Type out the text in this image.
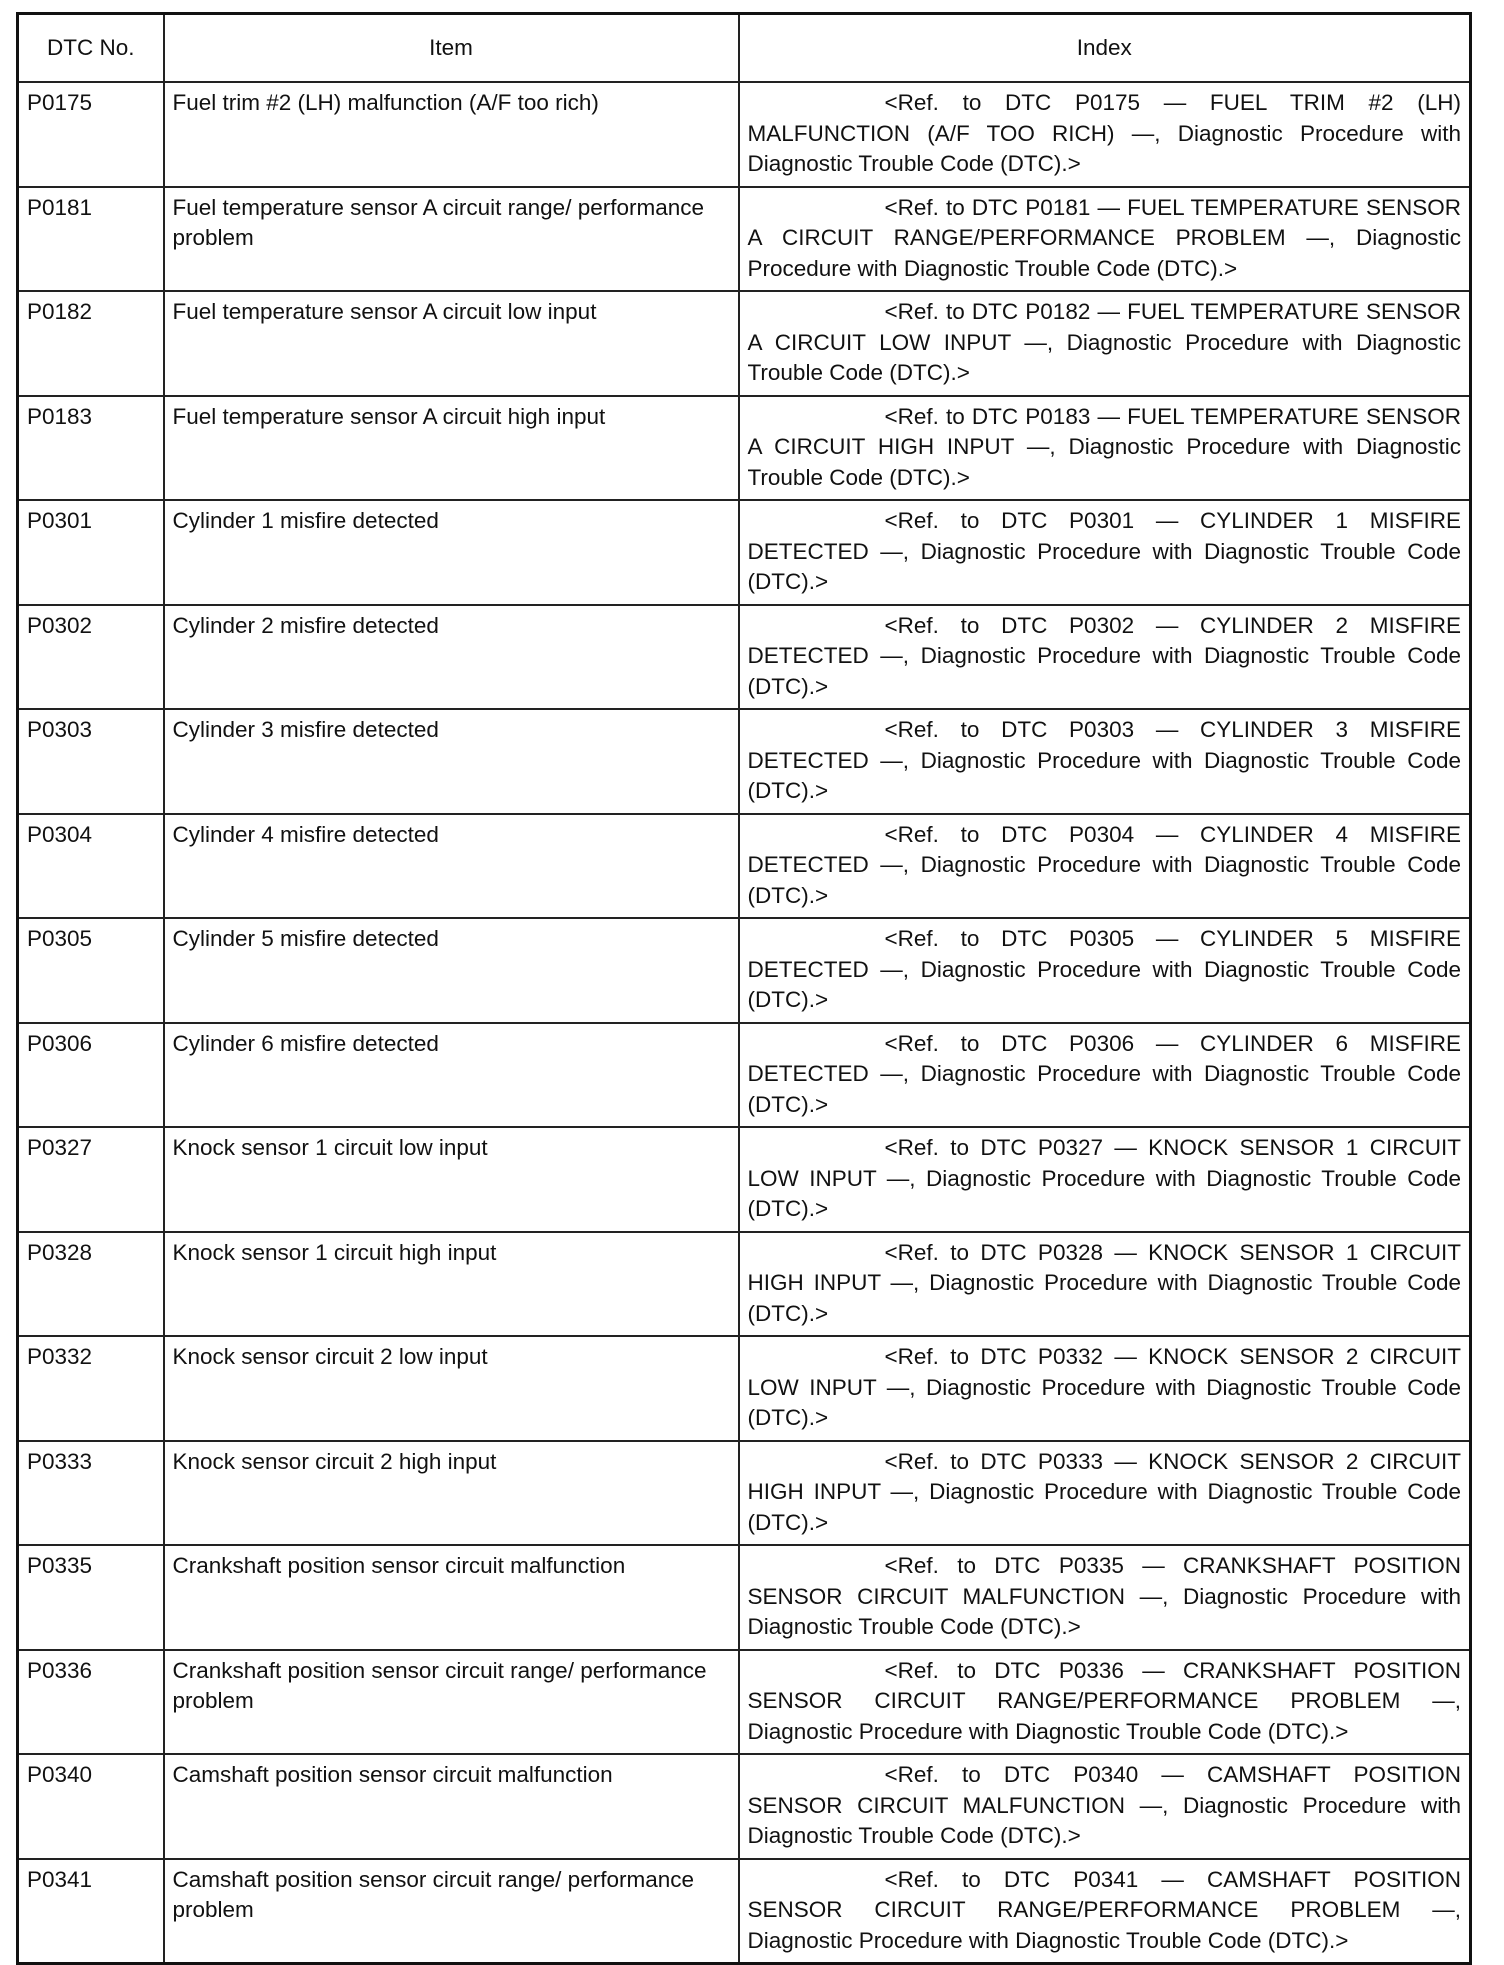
DTC No.	Item	Index
P0175	Fuel trim #2 (LH) malfunction (A/F too rich)	<Ref. to DTC P0175 — FUEL TRIM #2 (LH) MALFUNCTION (A/F TOO RICH) —, Diagnostic Procedure with Diagnostic Trouble Code (DTC).>
P0181	Fuel temperature sensor A circuit range/ performance problem	<Ref. to DTC P0181 — FUEL TEMPERATURE SENSOR A CIRCUIT RANGE/PERFORMANCE PROBLEM —, Diagnostic Procedure with Diagnostic Trouble Code (DTC).>
P0182	Fuel temperature sensor A circuit low input	<Ref. to DTC P0182 — FUEL TEMPERATURE SENSOR A CIRCUIT LOW INPUT —, Diagnostic Procedure with Diagnostic Trouble Code (DTC).>
P0183	Fuel temperature sensor A circuit high input	<Ref. to DTC P0183 — FUEL TEMPERATURE SENSOR A CIRCUIT HIGH INPUT —, Diagnostic Procedure with Diagnostic Trouble Code (DTC).>
P0301	Cylinder 1 misfire detected	<Ref. to DTC P0301 — CYLINDER 1 MISFIRE DETECTED —, Diagnostic Procedure with Diagnostic Trouble Code (DTC).>
P0302	Cylinder 2 misfire detected	<Ref. to DTC P0302 — CYLINDER 2 MISFIRE DETECTED —, Diagnostic Procedure with Diagnostic Trouble Code (DTC).>
P0303	Cylinder 3 misfire detected	<Ref. to DTC P0303 — CYLINDER 3 MISFIRE DETECTED —, Diagnostic Procedure with Diagnostic Trouble Code (DTC).>
P0304	Cylinder 4 misfire detected	<Ref. to DTC P0304 — CYLINDER 4 MISFIRE DETECTED —, Diagnostic Procedure with Diagnostic Trouble Code (DTC).>
P0305	Cylinder 5 misfire detected	<Ref. to DTC P0305 — CYLINDER 5 MISFIRE DETECTED —, Diagnostic Procedure with Diagnostic Trouble Code (DTC).>
P0306	Cylinder 6 misfire detected	<Ref. to DTC P0306 — CYLINDER 6 MISFIRE DETECTED —, Diagnostic Procedure with Diagnostic Trouble Code (DTC).>
P0327	Knock sensor 1 circuit low input	<Ref. to DTC P0327 — KNOCK SENSOR 1 CIRCUIT LOW INPUT —, Diagnostic Procedure with Diagnostic Trouble Code (DTC).>
P0328	Knock sensor 1 circuit high input	<Ref. to DTC P0328 — KNOCK SENSOR 1 CIRCUIT HIGH INPUT —, Diagnostic Procedure with Diagnostic Trouble Code (DTC).>
P0332	Knock sensor circuit 2 low input	<Ref. to DTC P0332 — KNOCK SENSOR 2 CIRCUIT LOW INPUT —, Diagnostic Procedure with Diagnostic Trouble Code (DTC).>
P0333	Knock sensor circuit 2 high input	<Ref. to DTC P0333 — KNOCK SENSOR 2 CIRCUIT HIGH INPUT —, Diagnostic Procedure with Diagnostic Trouble Code (DTC).>
P0335	Crankshaft position sensor circuit malfunction	<Ref. to DTC P0335 — CRANKSHAFT POSITION SENSOR CIRCUIT MALFUNCTION —, Diagnostic Procedure with Diagnostic Trouble Code (DTC).>
P0336	Crankshaft position sensor circuit range/ performance problem	<Ref. to DTC P0336 — CRANKSHAFT POSITION SENSOR CIRCUIT RANGE/PERFORMANCE PROBLEM —, Diagnostic Procedure with Diagnostic Trouble Code (DTC).>
P0340	Camshaft position sensor circuit malfunction	<Ref. to DTC P0340 — CAMSHAFT POSITION SENSOR CIRCUIT MALFUNCTION —, Diagnostic Procedure with Diagnostic Trouble Code (DTC).>
P0341	Camshaft position sensor circuit range/ performance problem	<Ref. to DTC P0341 — CAMSHAFT POSITION SENSOR CIRCUIT RANGE/PERFORMANCE PROBLEM —, Diagnostic Procedure with Diagnostic Trouble Code (DTC).>
